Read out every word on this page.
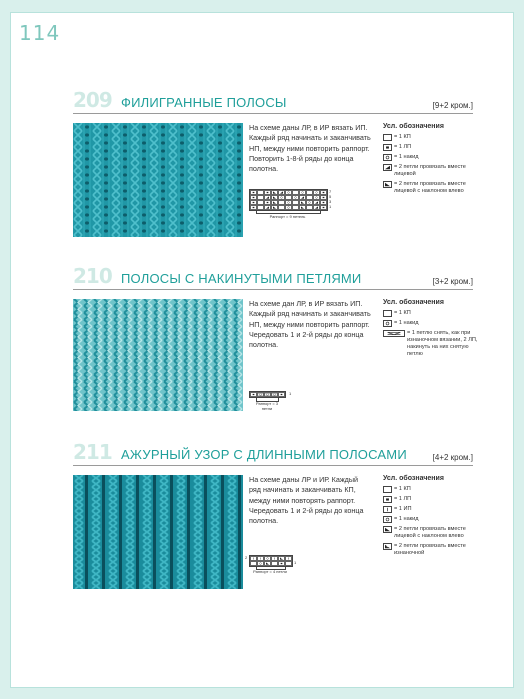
114
209 ФИЛИГРАННЫЕ ПОЛОСЫ	[9+2 кром.]
На схеме даны ЛР, в ИР вязать ИП. Каждый ряд начинать и заканчивать НП, между ними повторить раппорт. Повторить 1-8-й ряды до конца полотна.
7
5
3
1
Раппорт = 9 петель
Усл. обозначения
= 1 КП
= 1 ЛП
= 1 накид
= 2 петли провязать вместе лицевой
= 2 петли провязать вместе лицевой с наклоном влево
210 ПОЛОСЫ С НАКИНУТЫМИ ПЕТЛЯМИ	[3+2 кром.]
На схеме дан ЛР, в ИР вязать ИП. Каждый ряд начинать и заканчивать НП, между ними повторить раппорт. Чередовать 1 и 2-й ряды до конца полотна.
1
Раппорт = 3 петли
Усл. обозначения
= 1 КП
= 1 накид
= 1 петлю снять, как при изнаночном вязании, 2 ЛП, накинуть на них снятую петлю
211 АЖУРНЫЙ УЗОР С ДЛИННЫМИ ПОЛОСАМИ	[4+2 кром.]
На схеме даны ЛР и ИР. Каждый ряд начинать и заканчивать КП, между ними повторять раппорт. Чередовать 1 и 2-й ряды до конца полотна.
2
1
Раппорт = 4 петли
Усл. обозначения
= 1 КП
= 1 ЛП
= 1 ИП
= 1 накид
= 2 петли провязать вместе лицевой с наклоном влево
= 2 петли провязать вместе изнаночной
